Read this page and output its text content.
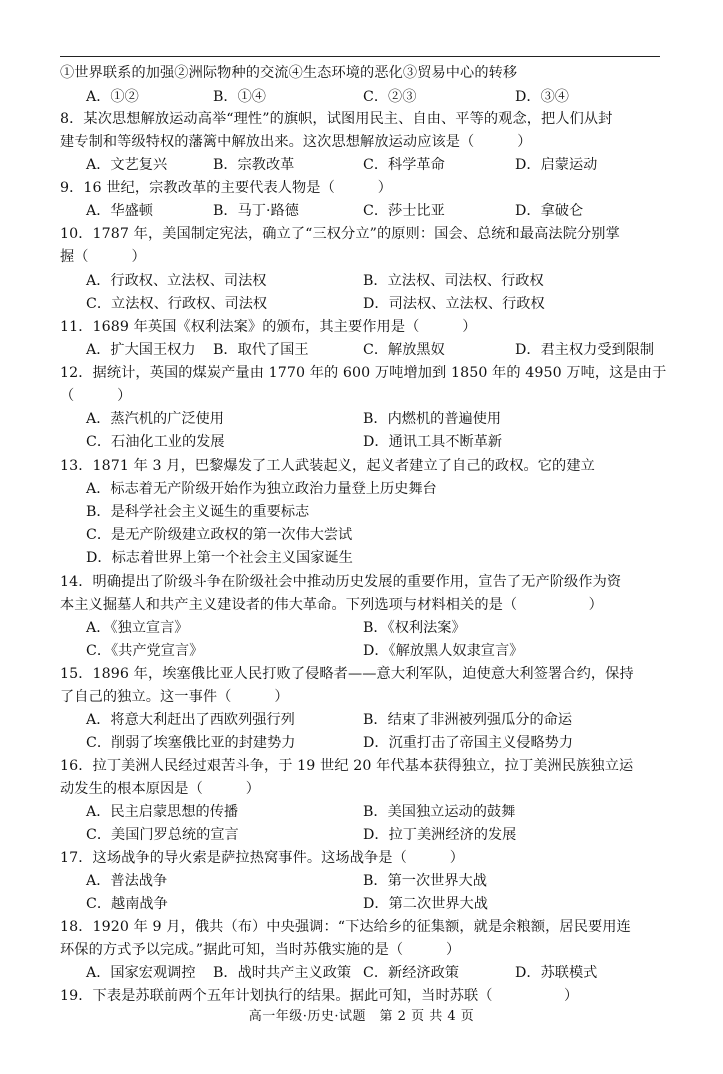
①世界联系的加强②洲际物种的交流④生态环境的恶化③贸易中心的转移
A．①②	B．①④	C．②③	D．③④
8．某次思想解放运动高举“理性”的旗帜，试图用民主、自由、平等的观念，把人们从封
建专制和等级特权的藩篱中解放出来。这次思想解放运动应该是（　　　）
A．文艺复兴	B．宗教改革	C．科学革命	D．启蒙运动
9．16 世纪，宗教改革的主要代表人物是（　　　）
A．华盛顿	B．马丁·路德	C．莎士比亚	D．拿破仑
10．1787 年，美国制定宪法，确立了“三权分立”的原则：国会、总统和最高法院分别掌
握（　　　）
A．行政权、立法权、司法权	B．立法权、司法权、行政权
C．立法权、行政权、司法权	D．司法权、立法权、行政权
11．1689 年英国《权利法案》的颁布，其主要作用是（　　　）
A．扩大国王权力 B．取代了国王	C．解放黑奴	D．君主权力受到限制
12．据统计，英国的煤炭产量由 1770 年的 600 万吨增加到 1850 年的 4950 万吨，这是由于
（　　　）
A．蒸汽机的广泛使用	B．内燃机的普遍使用
C．石油化工业的发展	D．通讯工具不断革新
13．1871 年 3 月，巴黎爆发了工人武装起义，起义者建立了自己的政权。它的建立
A．标志着无产阶级开始作为独立政治力量登上历史舞台
B．是科学社会主义诞生的重要标志
C．是无产阶级建立政权的第一次伟大尝试
D．标志着世界上第一个社会主义国家诞生
14．明确提出了阶级斗争在阶级社会中推动历史发展的重要作用，宣告了无产阶级作为资
本主义掘墓人和共产主义建设者的伟大革命。下列选项与材料相关的是（　　　　　）
A．《独立宣言》	B．《权利法案》
C．《共产党宣言》	D．《解放黑人奴隶宣言》
15．1896 年，埃塞俄比亚人民打败了侵略者——意大利军队，迫使意大利签署合约，保持
了自己的独立。这一事件（　　　）
A．将意大利赶出了西欧列强行列	B．结束了非洲被列强瓜分的命运
C．削弱了埃塞俄比亚的封建势力	D．沉重打击了帝国主义侵略势力
16．拉丁美洲人民经过艰苦斗争，于 19 世纪 20 年代基本获得独立，拉丁美洲民族独立运
动发生的根本原因是（　　　）
A．民主启蒙思想的传播	B．美国独立运动的鼓舞
C．美国门罗总统的宣言	D．拉丁美洲经济的发展
17．这场战争的导火索是萨拉热窝事件。这场战争是（　　　）
A．普法战争	B．第一次世界大战
C．越南战争	D．第二次世界大战
18．1920 年 9 月，俄共（布）中央强调：“下达给乡的征集额，就是余粮额，居民要用连
环保的方式予以完成。”据此可知，当时苏俄实施的是（　　　）
A．国家宏观调控 B．战时共产主义政策 C．新经济政策	D．苏联模式
19．下表是苏联前两个五年计划执行的结果。据此可知，当时苏联（　　　　　）
高一年级·历史·试题　第 2 页 共 4 页
